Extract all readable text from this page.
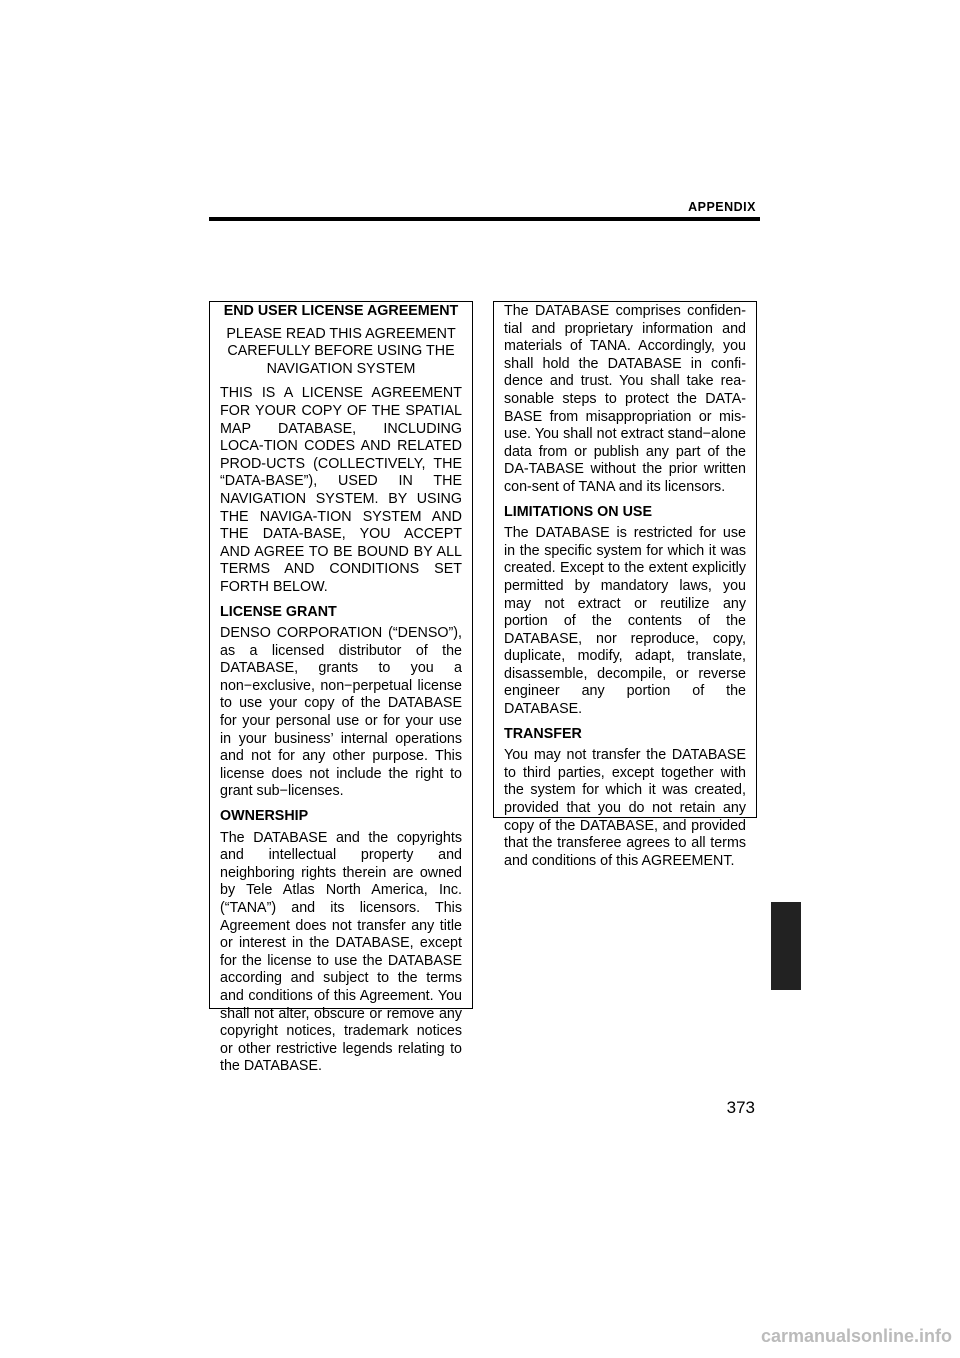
APPENDIX

END USER LICENSE AGREEMENT

PLEASE READ THIS AGREEMENT CAREFULLY BEFORE USING THE NAVIGATION SYSTEM

THIS IS A LICENSE AGREEMENT FOR YOUR COPY OF THE SPATIAL MAP DATABASE, INCLUDING LOCA-TION CODES AND RELATED PROD-UCTS (COLLECTIVELY, THE “DATA-BASE”), USED IN THE NAVIGATION SYSTEM. BY USING THE NAVIGA-TION SYSTEM AND THE DATA-BASE, YOU ACCEPT AND AGREE TO BE BOUND BY ALL TERMS AND CONDITIONS SET FORTH BELOW.

LICENSE GRANT

DENSO CORPORATION (“DENSO”), as a licensed distributor of the DATABASE, grants to you a non−exclusive, non−perpetual license to use your copy of the DATABASE for your personal use or for your use in your business’ internal operations and not for any other purpose. This license does not include the right to grant sub−licenses.

OWNERSHIP

The DATABASE and the copyrights and intellectual property and neighboring rights therein are owned by Tele Atlas North America, Inc. (“TANA”) and its licensors. This Agreement does not transfer any title or interest in the DATABASE, except for the license to use the DATABASE according and subject to the terms and conditions of this Agreement. You shall not alter, obscure or remove any copyright notices, trademark notices or other restrictive legends relating to the DATABASE.

The DATABASE comprises confiden-tial and proprietary information and materials of TANA. Accordingly, you shall hold the DATABASE in confi-dence and trust. You shall take rea-sonable steps to protect the DATA-BASE from misappropriation or mis-use. You shall not extract stand−alone data from or publish any part of the DA-TABASE without the prior written con-sent of TANA and its licensors.

LIMITATIONS ON USE

The DATABASE is restricted for use in the specific system for which it was created. Except to the extent explicitly permitted by mandatory laws, you may not extract or reutilize any portion of the contents of the DATABASE, nor reproduce, copy, duplicate, modify, adapt, translate, disassemble, decompile, or reverse engineer any portion of the DATABASE.

TRANSFER

You may not transfer the DATABASE to third parties, except together with the system for which it was created, provided that you do not retain any copy of the DATABASE, and provided that the transferee agrees to all terms and conditions of this AGREEMENT.

373
carmanualsonline.info
